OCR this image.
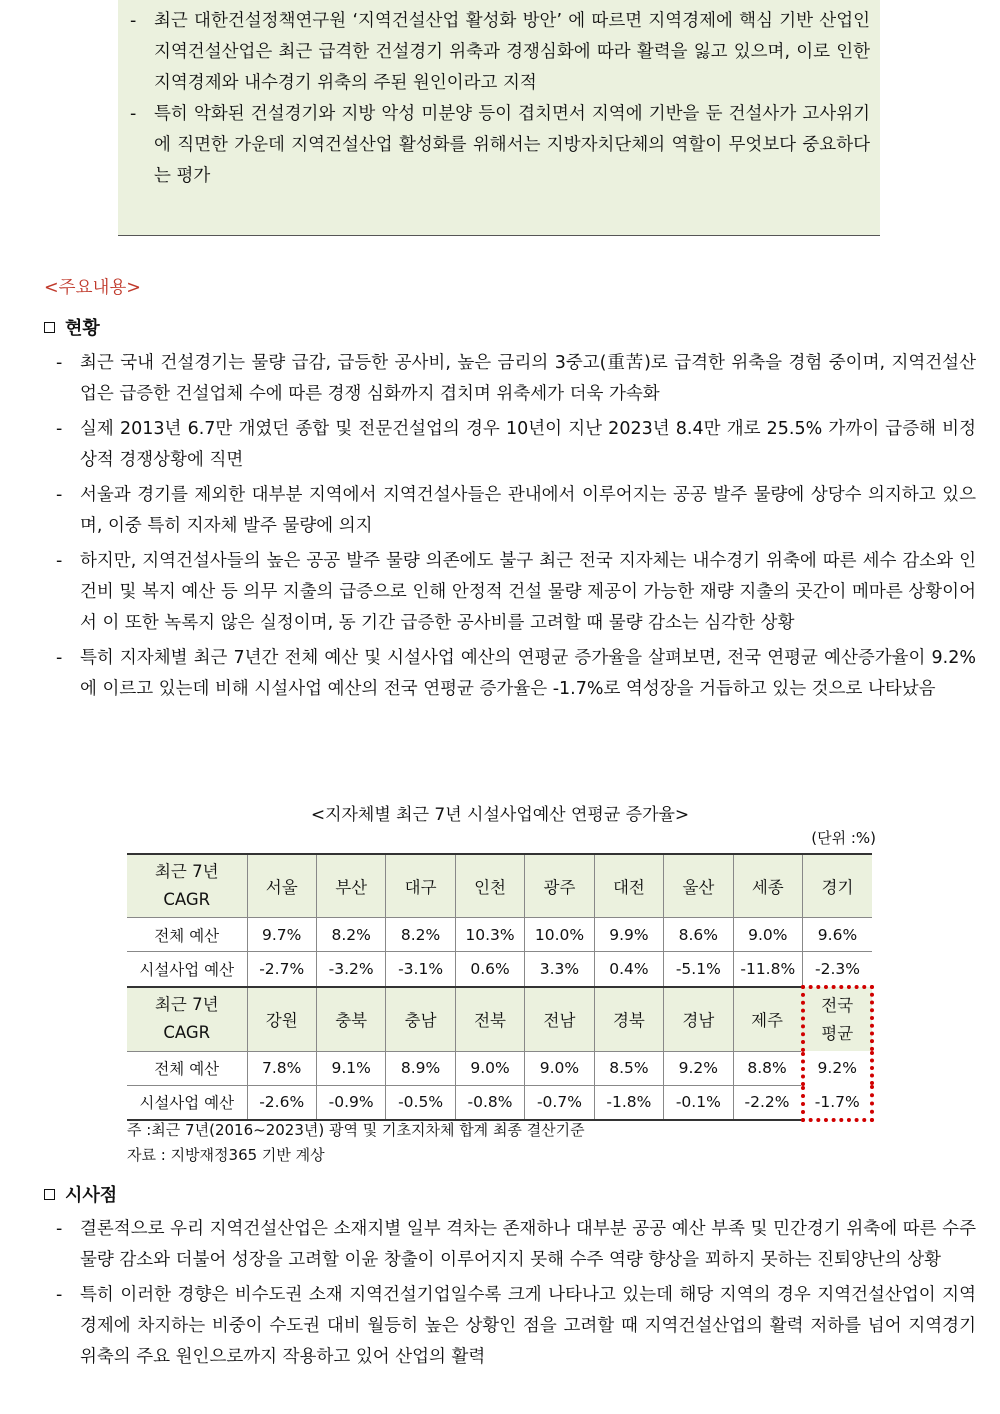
- 최근 대한건설정책연구원 ‘지역건설산업 활성화 방안’ 에 따르면 지역경제에 핵심 기반 산업인 지역건설산업은 최근 급격한 건설경기 위축과 경쟁심화에 따라 활력을 잃고 있으며, 이로 인한 지역경제와 내수경기 위축의 주된 원인이라고 지적
- 특히 악화된 건설경기와 지방 악성 미분양 등이 겹치면서 지역에 기반을 둔 건설사가 고사위기에 직면한 가운데 지역건설산업 활성화를 위해서는 지방자치단체의 역할이 무엇보다 중요하다는 평가
<주요내용>
현황
- 최근 국내 건설경기는 물량 급감, 급등한 공사비, 높은 금리의 3중고(重苦)로 급격한 위축을 경험 중이며, 지역건설산업은 급증한 건설업체 수에 따른 경쟁 심화까지 겹치며 위축세가 더욱 가속화
- 실제 2013년 6.7만 개였던 종합 및 전문건설업의 경우 10년이 지난 2023년 8.4만 개로 25.5% 가까이 급증해 비정상적 경쟁상황에 직면
- 서울과 경기를 제외한 대부분 지역에서 지역건설사들은 관내에서 이루어지는 공공 발주 물량에 상당수 의지하고 있으며, 이중 특히 지자체 발주 물량에 의지
- 하지만, 지역건설사들의 높은 공공 발주 물량 의존에도 불구 최근 전국 지자체는 내수경기 위축에 따른 세수 감소와 인건비 및 복지 예산 등 의무 지출의 급증으로 인해 안정적 건설 물량 제공이 가능한 재량 지출의 곳간이 메마른 상황이어서 이 또한 녹록지 않은 실정이며, 동 기간 급증한 공사비를 고려할 때 물량 감소는 심각한 상황
- 특히 지자체별 최근 7년간 전체 예산 및 시설사업 예산의 연평균 증가율을 살펴보면, 전국 연평균 예산증가율이 9.2%에 이르고 있는데 비해 시설사업 예산의 전국 연평균 증가율은 -1.7%로 역성장을 거듭하고 있는 것으로 나타났음
<지자체별 최근 7년 시설사업예산 연평균 증가율>
(단위 :%)
최근 7년
CAGR	서울	부산	대구	인천	광주	대전	울산	세종	경기
전체 예산	9.7%	8.2%	8.2%	10.3%	10.0%	9.9%	8.6%	9.0%	9.6%
시설사업 예산	-2.7%	-3.2%	-3.1%	0.6%	3.3%	0.4%	-5.1%	-11.8%	-2.3%
최근 7년
CAGR	강원	충북	충남	전북	전남	경북	경남	제주	전국
평균
전체 예산	7.8%	9.1%	8.9%	9.0%	9.0%	8.5%	9.2%	8.8%	9.2%
시설사업 예산	-2.6%	-0.9%	-0.5%	-0.8%	-0.7%	-1.8%	-0.1%	-2.2%	-1.7%
주 :최근 7년(2016~2023년) 광역 및 기초지차체 합계 최종 결산기준
자료 : 지방재정365 기반 계상
시사점
- 결론적으로 우리 지역건설산업은 소재지별 일부 격차는 존재하나 대부분 공공 예산 부족 및 민간경기 위축에 따른 수주 물량 감소와 더불어 성장을 고려할 이윤 창출이 이루어지지 못해 수주 역량 향상을 꾀하지 못하는 진퇴양난의 상황
- 특히 이러한 경향은 비수도권 소재 지역건설기업일수록 크게 나타나고 있는데 해당 지역의 경우 지역건설산업이 지역경제에 차지하는 비중이 수도권 대비 월등히 높은 상황인 점을 고려할 때 지역건설산업의 활력 저하를 넘어 지역경기 위축의 주요 원인으로까지 작용하고 있어 산업의 활력
